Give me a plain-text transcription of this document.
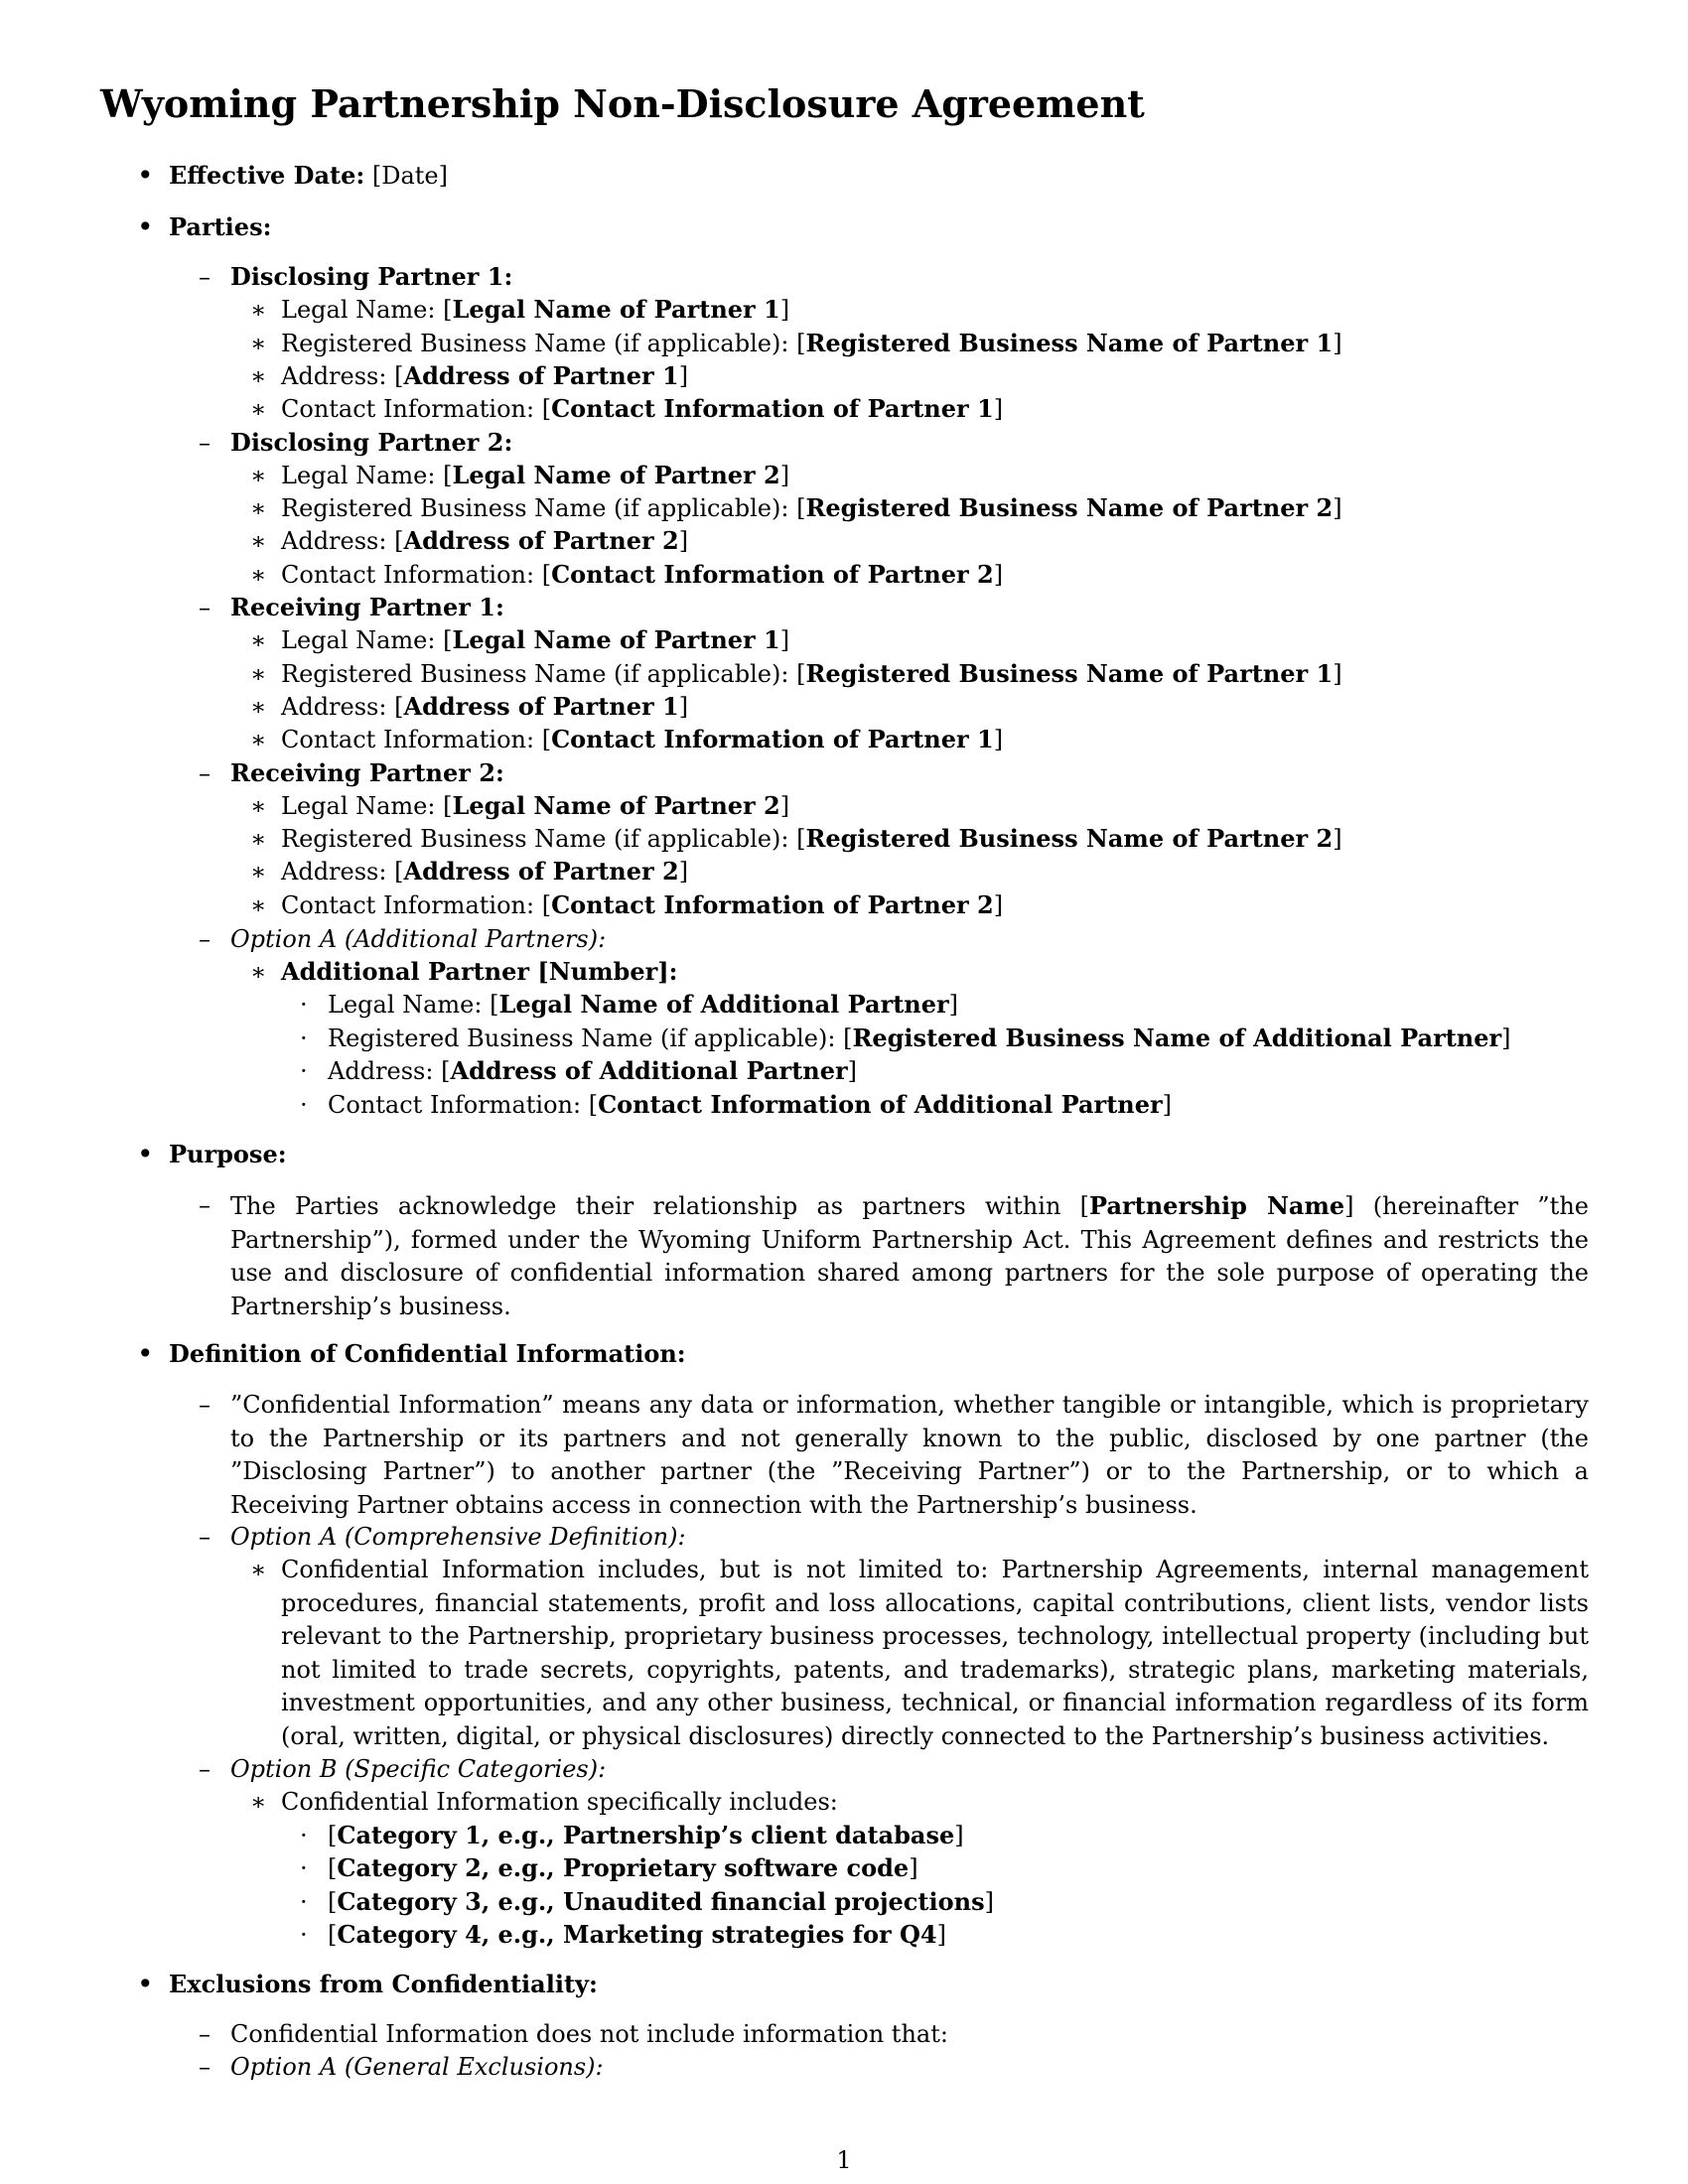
Wyoming Partnership Non-Disclosure Agreement
• Effective Date: [Date]
• Parties:
– Disclosing Partner 1:
∗ Legal Name: [Legal Name of Partner 1]
∗ Registered Business Name (if applicable): [Registered Business Name of Partner 1]
∗ Address: [Address of Partner 1]
∗ Contact Information: [Contact Information of Partner 1]
– Disclosing Partner 2:
∗ Legal Name: [Legal Name of Partner 2]
∗ Registered Business Name (if applicable): [Registered Business Name of Partner 2]
∗ Address: [Address of Partner 2]
∗ Contact Information: [Contact Information of Partner 2]
– Receiving Partner 1:
∗ Legal Name: [Legal Name of Partner 1]
∗ Registered Business Name (if applicable): [Registered Business Name of Partner 1]
∗ Address: [Address of Partner 1]
∗ Contact Information: [Contact Information of Partner 1]
– Receiving Partner 2:
∗ Legal Name: [Legal Name of Partner 2]
∗ Registered Business Name (if applicable): [Registered Business Name of Partner 2]
∗ Address: [Address of Partner 2]
∗ Contact Information: [Contact Information of Partner 2]
– Option A (Additional Partners):
∗ Additional Partner [Number]:
· Legal Name: [Legal Name of Additional Partner]
· Registered Business Name (if applicable): [Registered Business Name of Additional Partner]
· Address: [Address of Additional Partner]
· Contact Information: [Contact Information of Additional Partner]
• Purpose:
– The Parties acknowledge their relationship as partners within [Partnership Name] (hereinafter ”the Partnership”), formed under the Wyoming Uniform Partnership Act. This Agreement defines and restricts the use and disclosure of confidential information shared among partners for the sole purpose of operating the Partnership’s business.
• Definition of Confidential Information:
– ”Confidential Information” means any data or information, whether tangible or intangible, which is proprietary to the Partnership or its partners and not generally known to the public, disclosed by one partner (the ”Disclosing Partner”) to another partner (the ”Receiving Partner”) or to the Partnership, or to which a Receiving Partner obtains access in connection with the Partnership’s business.
– Option A (Comprehensive Definition):
∗ Confidential Information includes, but is not limited to: Partnership Agreements, internal management procedures, financial statements, profit and loss allocations, capital contributions, client lists, vendor lists relevant to the Partnership, proprietary business processes, technology, intellectual property (including but not limited to trade secrets, copyrights, patents, and trademarks), strategic plans, marketing materials, investment opportunities, and any other business, technical, or financial information regardless of its form (oral, written, digital, or physical disclosures) directly connected to the Partnership’s business activities.
– Option B (Specific Categories):
∗ Confidential Information specifically includes:
· [Category 1, e.g., Partnership’s client database]
· [Category 2, e.g., Proprietary software code]
· [Category 3, e.g., Unaudited financial projections]
· [Category 4, e.g., Marketing strategies for Q4]
• Exclusions from Confidentiality:
– Confidential Information does not include information that:
– Option A (General Exclusions):
1
